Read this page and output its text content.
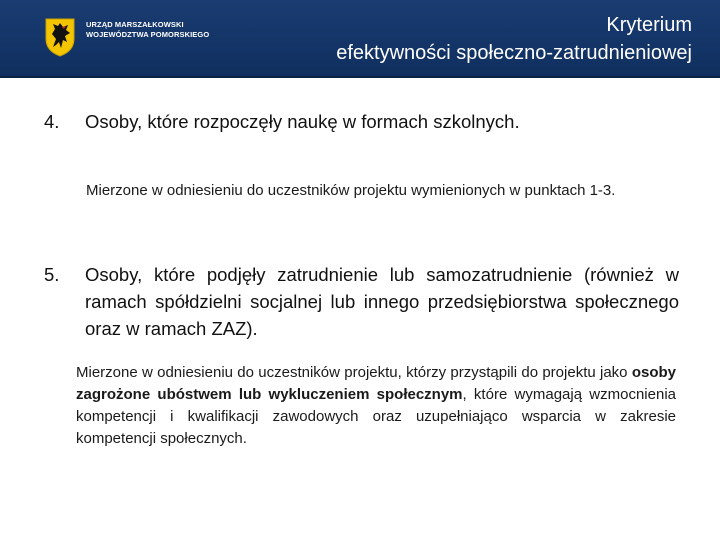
URZĄD MARSZAŁKOWSKI
WOJEWÓDZTWA POMORSKIEGO	Kryterium
efektywności społeczno-zatrudnieniowej
4. Osoby, które rozpoczęły naukę w formach szkolnych.
Mierzone w odniesieniu do uczestników projektu wymienionych w punktach 1-3.
5. Osoby, które podjęły zatrudnienie lub samozatrudnienie (również w ramach spółdzielni socjalnej lub innego przedsiębiorstwa społecznego oraz w ramach ZAZ).
Mierzone w odniesieniu do uczestników projektu, którzy przystąpili do projektu jako osoby zagrożone ubóstwem lub wykluczeniem społecznym, które wymagają wzmocnienia kompetencji i kwalifikacji zawodowych oraz uzupełniająco wsparcia w zakresie kompetencji społecznych.
